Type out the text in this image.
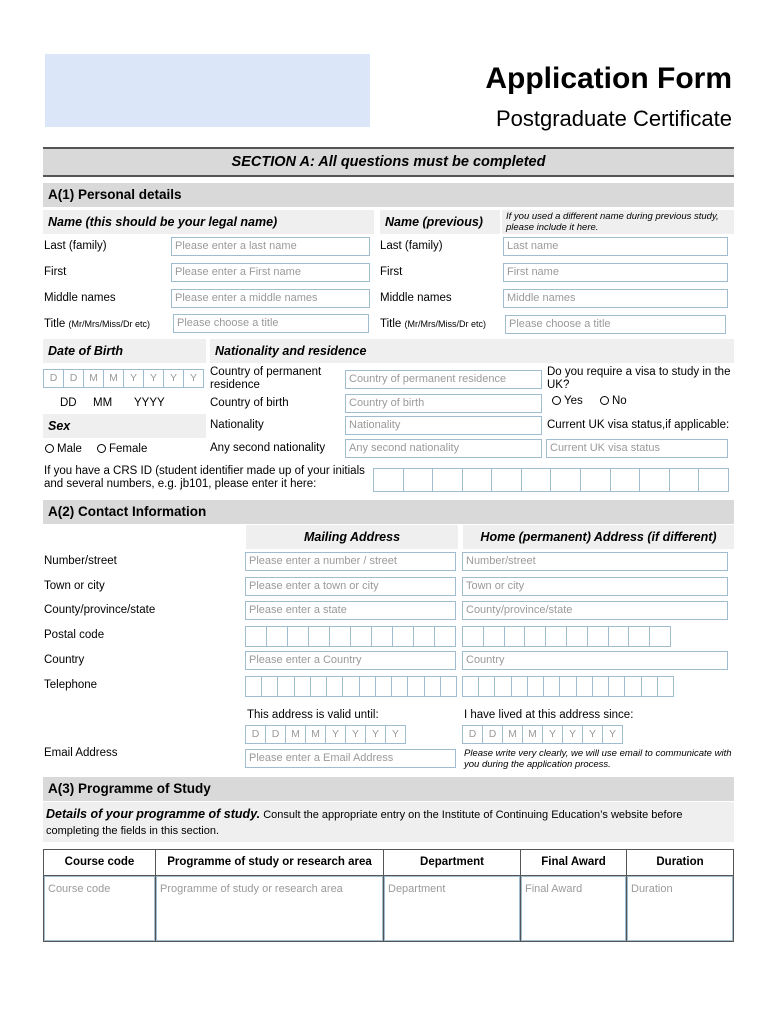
Application Form
Postgraduate Certificate
SECTION A: All questions must be completed
A(1) Personal details
Name (this should be your legal name)	Name (previous)	If you used a different name during previous study, please include it here.
Last (family)	Please enter a last name	Last (family)	Last name
First	Please enter a First name	First	First name
Middle names	Please enter a middle names	Middle names	Middle names
Title (Mr/Mrs/Miss/Dr etc)	Please choose a title	Title (Mr/Mrs/Miss/Dr etc)	Please choose a title
Date of Birth	Nationality and residence
D	D	M	M	Y	Y	Y	Y
DD MM YYYY
Sex
Male	Female
Country of permanent residence	Country of permanent residence
Country of birth	Country of birth
Nationality	Nationality
Any second nationality	Any second nationality
Do you require a visa to study in the UK?
Yes	No
Current UK visa status,if applicable:
Current UK visa status
If you have a CRS ID (student identifier made up of your initials and several numbers, e.g. jb101, please enter it here:
A(2) Contact Information
Mailing Address	Home (permanent) Address (if different)
Number/street	Please enter a number / street	Number/street
Town or city	Please enter a town or city	Town or city
County/province/state	Please enter a state	County/province/state
Postal code
Country	Please enter a Country	Country
Telephone
This address is valid until:
D	D	M	M	Y	Y	Y	Y
I have lived at this address since:
D	D	M	M	Y	Y	Y	Y
Email Address	Please enter a Email Address	Please write very clearly, we will use email to communicate with you during the application process.
A(3) Programme of Study
Details of your programme of study. Consult the appropriate entry on the Institute of Continuing Education’s website before completing the fields in this section.
Course code	Programme of study or research area	Department	Final Award	Duration
Course code	Programme of study or research area	Department	Final Award	Duration
